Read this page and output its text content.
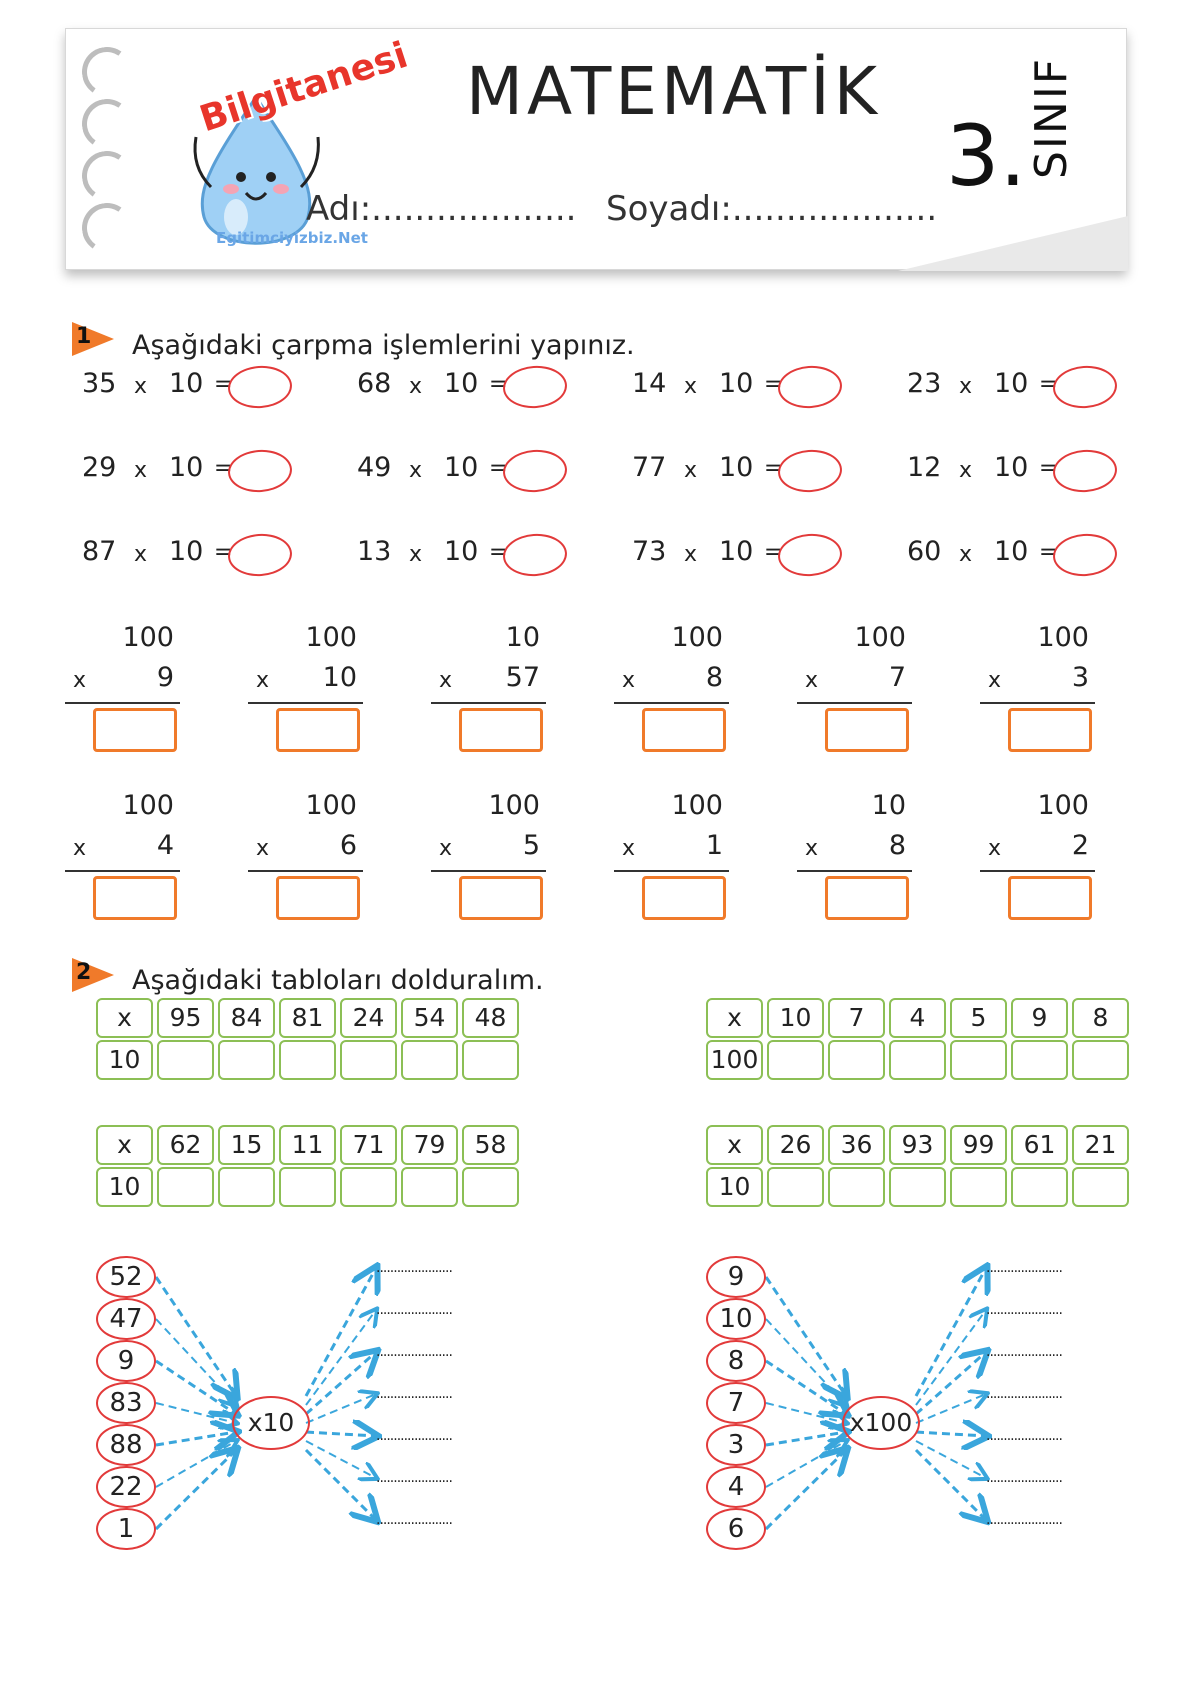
Bilgitanesi
Egitimciyizbiz.Net
MATEMATİK
3. SINIF
Adı:................... Soyadı:...................
1 Aşağıdaki çarpma işlemlerini yapınız.
35 x 10 =	68 x 10 =	14 x 10 =	23 x 10 =
29 x 10 =	49 x 10 =	77 x 10 =	12 x 10 =
87 x 10 =	13 x 10 =	73 x 10 =	60 x 10 =
100
9
x
100
10
x
10
57
x
100
8
x
100
7
x
100
3
x
100
4
x
100
6
x
100
5
x
100
1
x
10
8
x
100
2
x
2 Aşağıdaki tabloları dolduralım.
x	95	84	81	24	54	48
10
x	10	7	4	5	9	8
100
x	62	15	11	71	79	58
10
x	26	36	93	99	61	21
10
52	......................
47	......................
9	......................
83	......................
88	......................
22	......................
1	......................
x10
9	......................
10	......................
8	......................
7	......................
3	......................
4	......................
6	......................
x100
